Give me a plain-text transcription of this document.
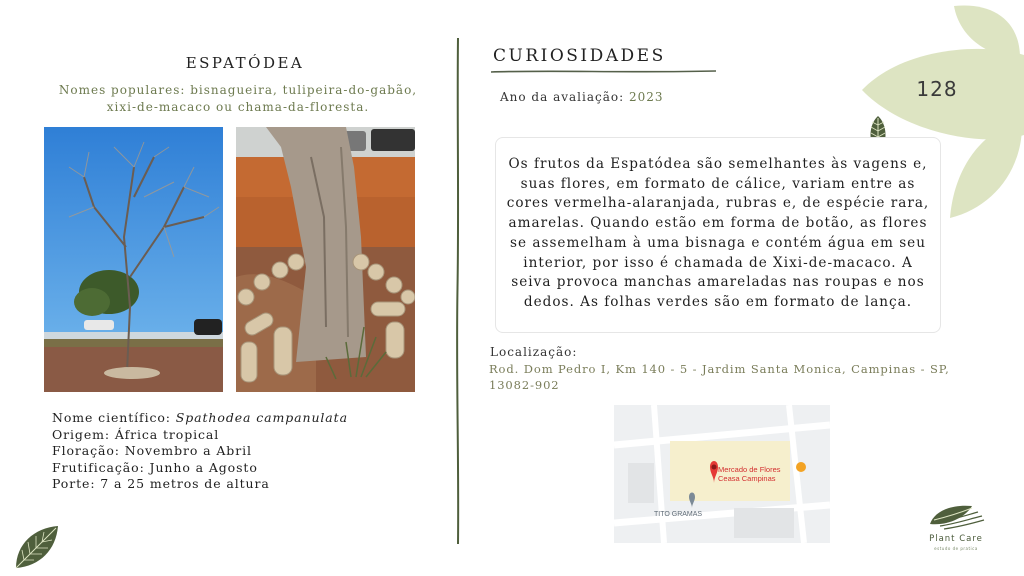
128
ESPATÓDEA
Nomes populares: bisnagueira, tulipeira-do-gabão,
xixi-de-macaco ou chama-da-floresta.
Nome científico: Spathodea campanulata
Origem: África tropical
Floração: Novembro a Abril
Frutificação: Junho a Agosto
Porte: 7 a 25 metros de altura
CURIOSIDADES
Ano da avaliação: 2023
Os frutos da Espatódea são semelhantes às vagens e, suas flores, em formato de cálice, variam entre as cores vermelha-alaranjada, rubras e, de espécie rara, amarelas. Quando estão em forma de botão, as flores se assemelham à uma bisnaga e contém água em seu interior, por isso é chamada de Xixi-de-macaco. A seiva provoca manchas amareladas nas roupas e nos dedos. As folhas verdes são em formato de lança.
Localização:
Rod. Dom Pedro I, Km 140 - 5 - Jardim Santa Monica, Campinas - SP,
13082-902
Mercado de Flores
Ceasa Campinas
TITO GRAMAS
Plant Care
estudo de pratica
